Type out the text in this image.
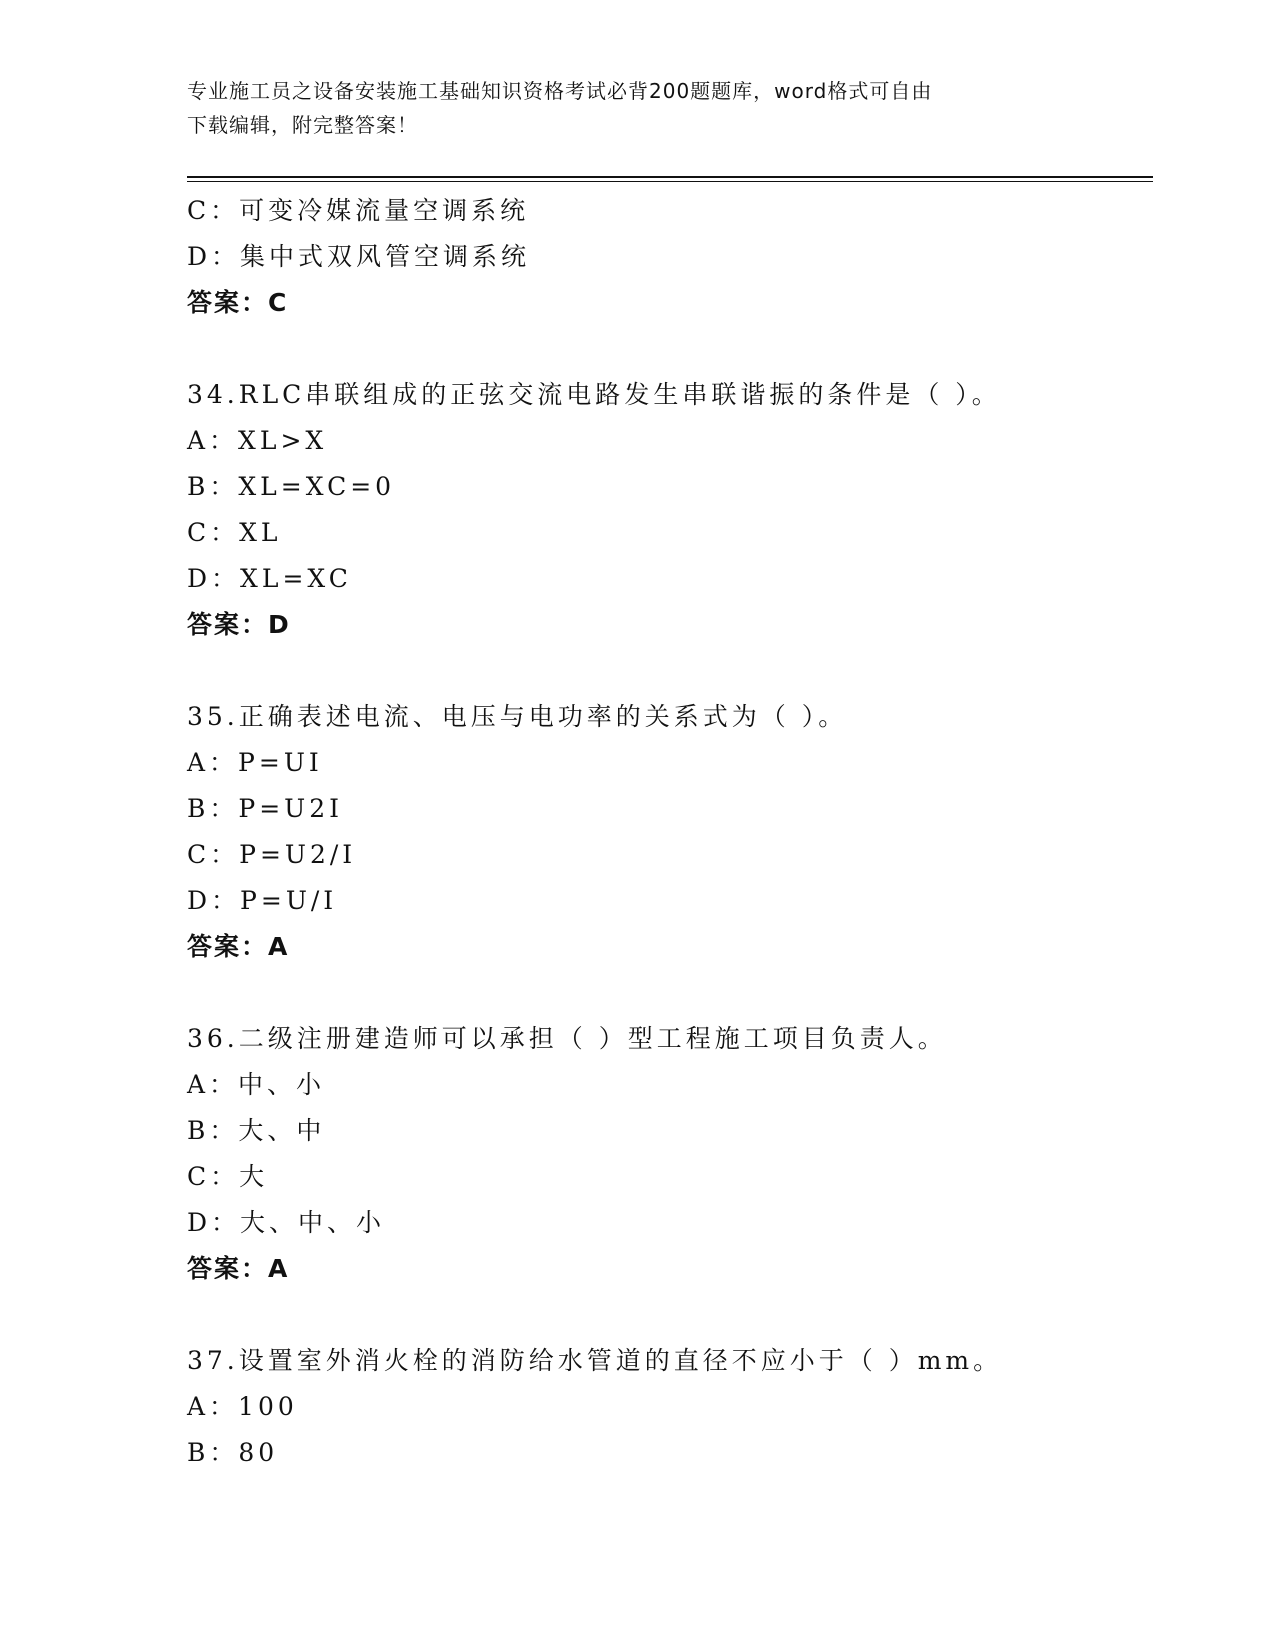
专业施工员之设备安装施工基础知识资格考试必背200题题库，word格式可自由
下载编辑，附完整答案！
C：可变冷媒流量空调系统
D：集中式双风管空调系统
答案：C
34.RLC串联组成的正弦交流电路发生串联谐振的条件是（ ）。
A：XL>X
B：XL=XC=0
C：XL
D：XL=XC
答案：D
35.正确表述电流、电压与电功率的关系式为（ ）。
A：P=UI
B：P=U2I
C：P=U2/I
D：P=U/I
答案：A
36.二级注册建造师可以承担（ ）型工程施工项目负责人。
A：中、小
B：大、中
C：大
D：大、中、小
答案：A
37.设置室外消火栓的消防给水管道的直径不应小于（ ）mm。
A：100
B：80
